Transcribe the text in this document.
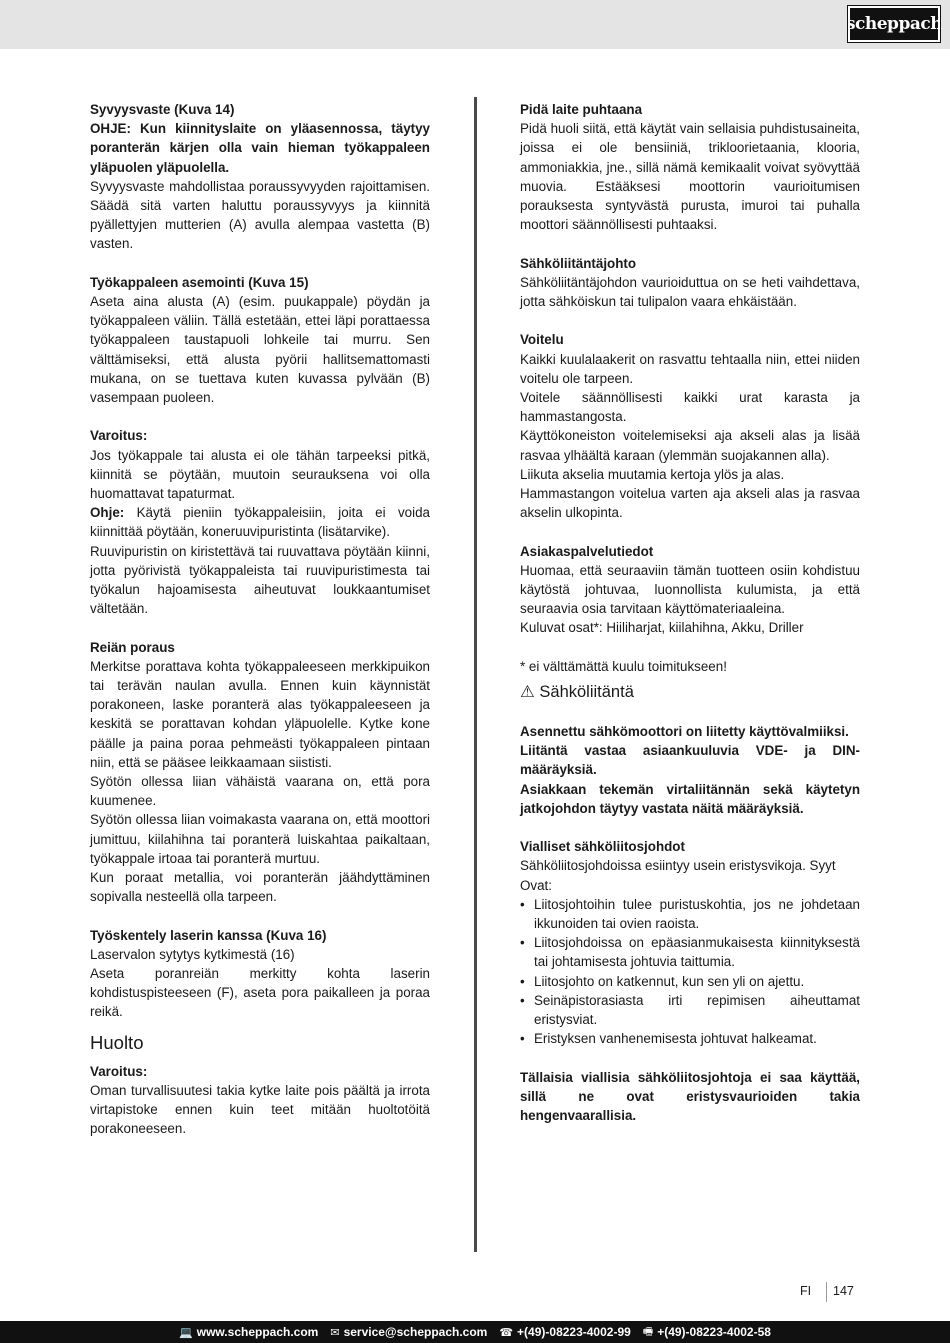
scheppach
Syvyysvaste (Kuva 14)
OHJE: Kun kiinnityslaite on yläasennossa, täytyy poranterän kärjen olla vain hieman työkappaleen yläpuolen yläpuolella.
Syvyysvaste mahdollistaa poraussyvyyden rajoittamisen. Säädä sitä varten haluttu poraussyvyys ja kiinnitä pyällettyjen mutterien (A) avulla alempaa vastetta (B) vasten.
Työkappaleen asemointi (Kuva 15)
Aseta aina alusta (A) (esim. puukappale) pöydän ja työkappaleen väliin. Tällä estetään, ettei läpi porattaessa työkappaleen taustapuoli lohkeile tai murru. Sen välttämiseksi, että alusta pyörii hallitsemattomasti mukana, on se tuettava kuten kuvassa pylvään (B) vasempaan puoleen.
Varoitus:
Jos työkappale tai alusta ei ole tähän tarpeeksi pitkä, kiinnitä se pöytään, muutoin seurauksena voi olla huomattavat tapaturmat.
Ohje: Käytä pieniin työkappaleisiin, joita ei voida kiinnittää pöytään, koneruuvipuristinta (lisätarvike).
Ruuvipuristin on kiristettävä tai ruuvattava pöytään kiinni, jotta pyörivistä työkappaleista tai ruuvipuristimesta tai työkalun hajoamisesta aiheutuvat loukkaantumiset vältetään.
Reiän poraus
Merkitse porattava kohta työkappaleeseen merkkipuikon tai terävän naulan avulla. Ennen kuin käynnistät porakoneen, laske poranterä alas työkappaleeseen ja keskitä se porattavan kohdan yläpuolelle. Kytke kone päälle ja paina poraa pehmeästi työkappaleen pintaan niin, että se pääsee leikkaamaan siististi.
Syötön ollessa liian vähäistä vaarana on, että pora kuumenee.
Syötön ollessa liian voimakasta vaarana on, että moottori jumittuu, kiilahihna tai poranterä luiskahtaa paikaltaan, työkappale irtoaa tai poranterä murtuu.
Kun poraat metallia, voi poranterän jäähdyttäminen sopivalla nesteellä olla tarpeen.
Työskentely laserin kanssa (Kuva 16)
Laservalon sytytys kytkimestä (16)
Aseta poranreiän merkitty kohta laserin kohdistuspisteeseen (F), aseta pora paikalleen ja poraa reikä.
Huolto
Varoitus:
Oman turvallisuutesi takia kytke laite pois päältä ja irrota virtapistoke ennen kuin teet mitään huoltotöitä porakoneeseen.
Pidä laite puhtaana
Pidä huoli siitä, että käytät vain sellaisia puhdistusaineita, joissa ei ole bensiiniä, trikloorietaania, klooria, ammoniakkia, jne., sillä nämä kemikaalit voivat syövyttää muovia. Estääksesi moottorin vaurioitumisen porauksesta syntyvästä purusta, imuroi tai puhalla moottori säännöllisesti puhtaaksi.
Sähköliitäntäjohto
Sähköliitäntäjohdon vaurioiduttua on se heti vaihdettava, jotta sähköiskun tai tulipalon vaara ehkäistään.
Voitelu
Kaikki kuulalaakerit on rasvattu tehtaalla niin, ettei niiden voitelu ole tarpeen.
Voitele säännöllisesti kaikki urat karasta ja hammastangosta.
Käyttökoneiston voitelemiseksi aja akseli alas ja lisää rasvaa ylhäältä karaan (ylemmän suojakannen alla).
Liikuta akselia muutamia kertoja ylös ja alas.
Hammastangon voitelua varten aja akseli alas ja rasvaa akselin ulkopinta.
Asiakaspalvelutiedot
Huomaa, että seuraaviin tämän tuotteen osiin kohdistuu käytöstä johtuvaa, luonnollista kulumista, ja että seuraavia osia tarvitaan käyttömateriaaleina.
Kuluvat osat*: Hiiliharjat, kiilahihna, Akku, Driller
* ei välttämättä kuulu toimitukseen!
⚠ Sähköliitäntä
Asennettu sähkömoottori on liitetty käyttövalmiiksi.
Liitäntä vastaa asiaankuuluvia VDE- ja DIN-määräyksiä.
Asiakkaan tekemän virtaliitännän sekä käytetyn jatkojohdon täytyy vastata näitä määräyksiä.
Vialliset sähköliitosjohdot
Sähköliitosjohdoissa esiintyy usein eristysvikoja. Syyt
Ovat:
• Liitosjohtoihin tulee puristuskohtia, jos ne johdetaan ikkunoiden tai ovien raoista.
• Liitosjohdoissa on epäasianmukaisesta kiinnityksestä tai johtamisesta johtuvia taittumia.
• Liitosjohto on katkennut, kun sen yli on ajettu.
• Seinäpistorasiasta irti repimisen aiheuttamat eristysviat.
• Eristyksen vanhenemisesta johtuvat halkeamat.
Tällaisia viallisia sähköliitosjohtoja ei saa käyttää, sillä ne ovat eristysvaurioiden takia hengenvaarallisia.
FI 147
💻 www.scheppach.com ✉ service@scheppach.com ☎ +(49)-08223-4002-99 🖷 +(49)-08223-4002-58
